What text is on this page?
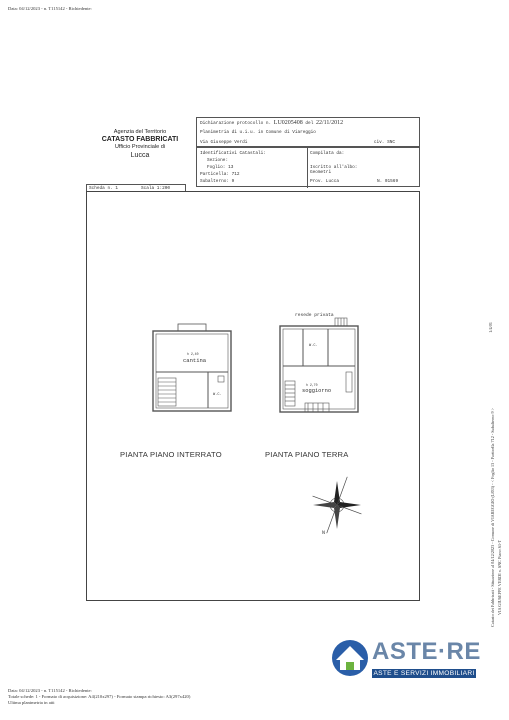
Data: 04/12/2023 - n. T115142 - Richiedente:
Agenzia del Territorio
CATASTO FABBRICATI
Ufficio Provinciale di
Lucca
Dichiarazione protocollo n. LU0205408 del 22/11/2012
Planimetria di u.i.u. in Comune di Viareggio
Via Giuseppe Verdi	civ. SNC
Identificativi Catastali:
Sezione:
Foglio: 13
Particella: 712
Subalterno: 9
Compilata da:
Iscritto all'albo:
Geometri
Prov. Lucca	N. 01569
Scheda n. 1	Scala 1:200
cantina
h 2,40
W.C.
resede privata
W.C.
h 2,70
soggiorno
PIANTA PIANO INTERRATO	PIANTA PIANO TERRA
N
1/4/01
Catasto dei Fabbricati - Situazione al 04/12/2023 - Comune di VIAREGGIO (L833) - < Foglio 13 - Particella 712 - Subalterno 9 > VIA GIUSEPPE VERDI n. SNC Piano S1-T
Data: 04/12/2023 - n. T115142 - Richiedente:
Totale schede: 1 - Formato di acquisizione: A4(210x297) - Formato stampa richiesto: A3(297x420)
Ultima planimetria in atti
ASTE·RE
ASTE E SERVIZI IMMOBILIARI
